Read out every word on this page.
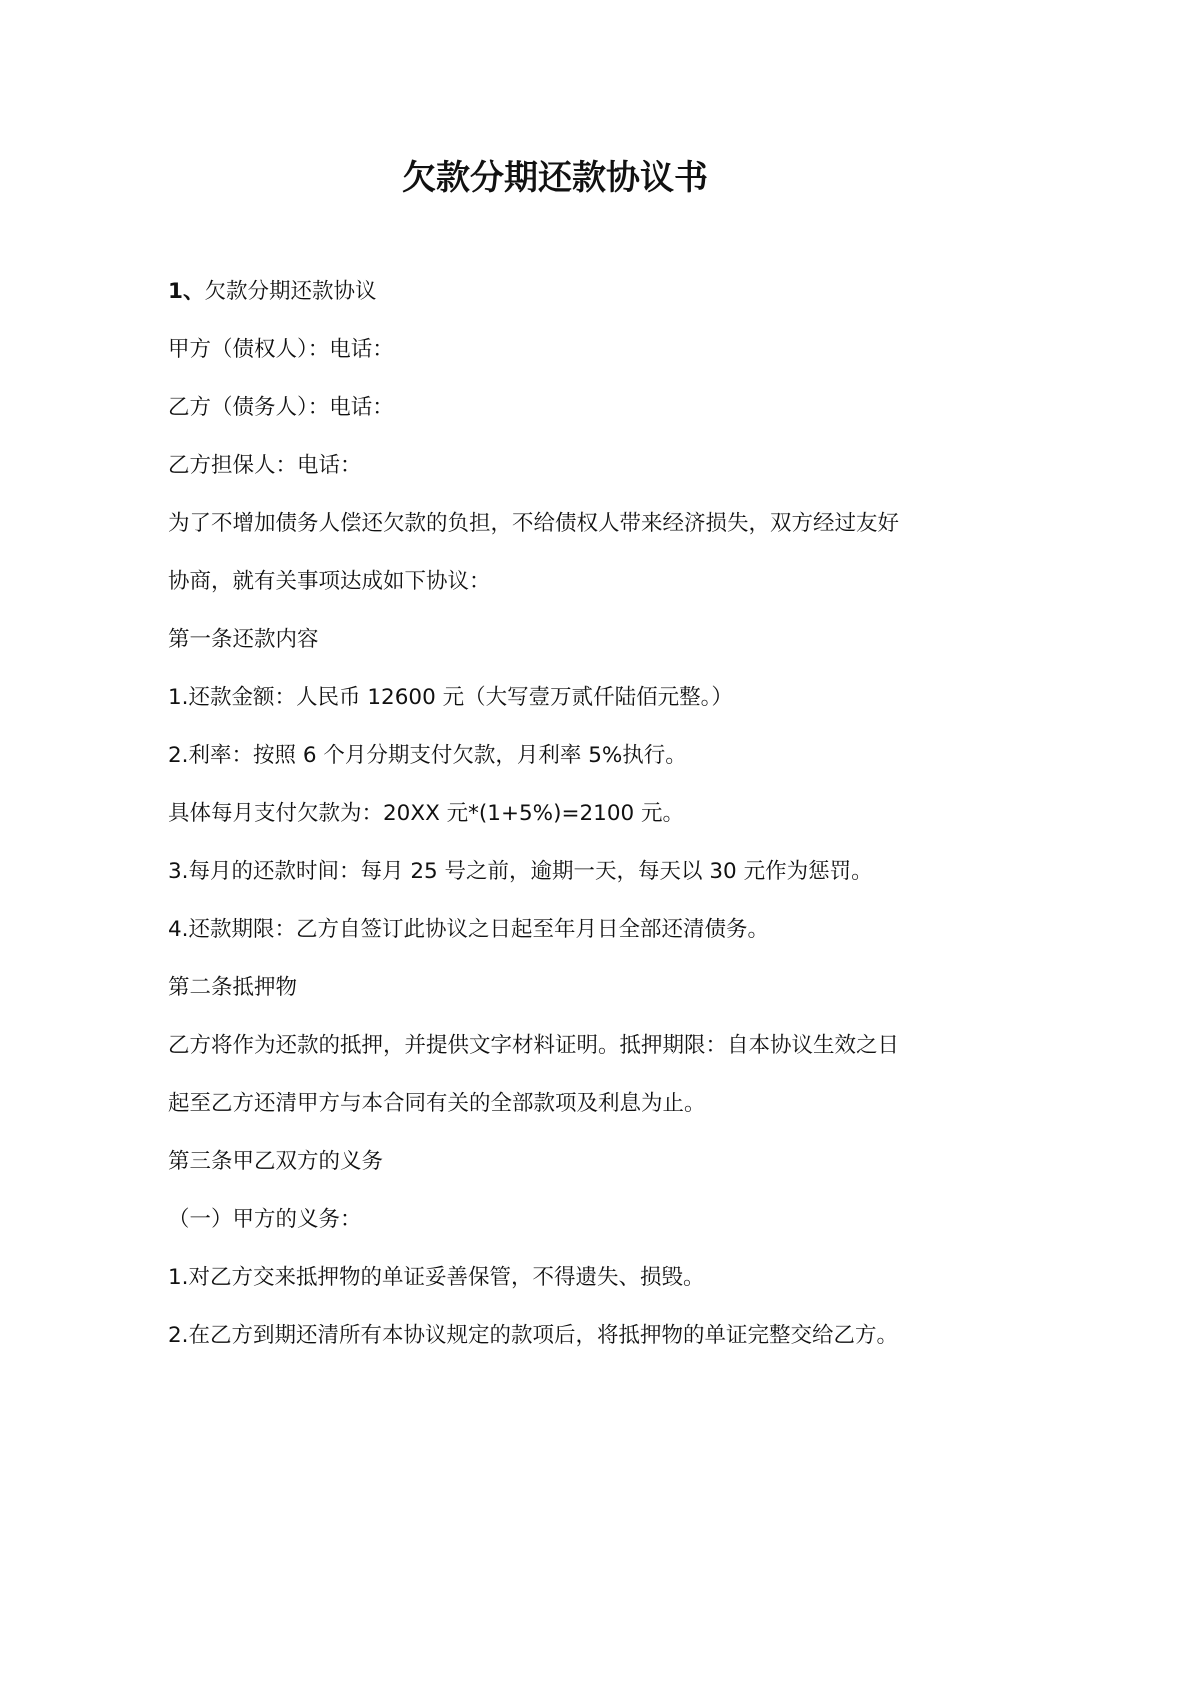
欠款分期还款协议书
1、欠款分期还款协议
甲方（债权人）：电话：
乙方（债务人）：电话：
乙方担保人：电话：
为了不增加债务人偿还欠款的负担，不给债权人带来经济损失，双方经过友好
协商，就有关事项达成如下协议：
第一条还款内容
1.还款金额：人民币 12600 元（大写壹万贰仟陆佰元整。）
2.利率：按照 6 个月分期支付欠款，月利率 5%执行。
具体每月支付欠款为：20XX 元*(1+5%)=2100 元。
3.每月的还款时间：每月 25 号之前，逾期一天，每天以 30 元作为惩罚。
4.还款期限：乙方自签订此协议之日起至年月日全部还清债务。
第二条抵押物
乙方将作为还款的抵押，并提供文字材料证明。抵押期限：自本协议生效之日
起至乙方还清甲方与本合同有关的全部款项及利息为止。
第三条甲乙双方的义务
（一）甲方的义务：
1.对乙方交来抵押物的单证妥善保管，不得遗失、损毁。
2.在乙方到期还清所有本协议规定的款项后，将抵押物的单证完整交给乙方。
